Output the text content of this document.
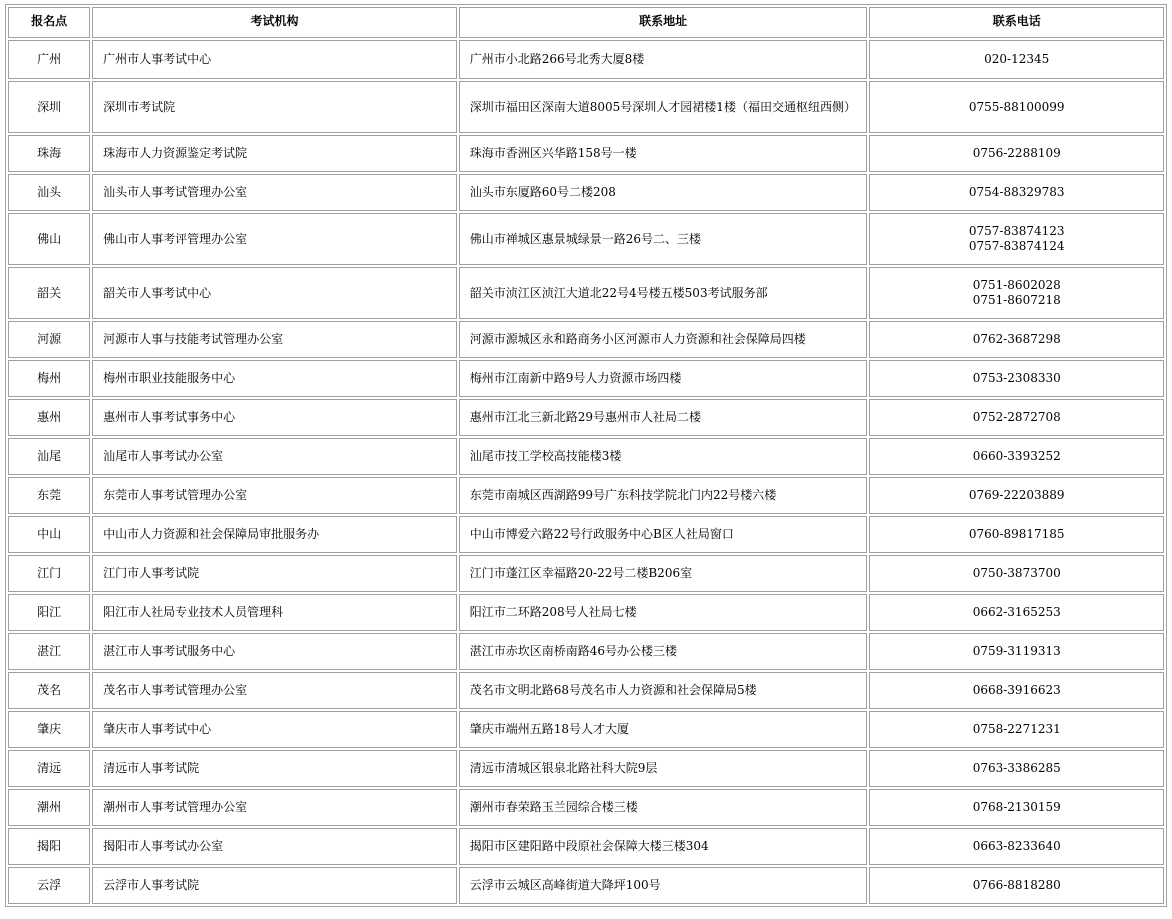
报名点	考试机构	联系地址	联系电话
广州	广州市人事考试中心	广州市小北路266号北秀大厦8楼	020-12345

深圳	深圳市考试院	深圳市福田区深南大道8005号深圳人才园裙楼1楼（福田交通枢纽西侧）	0755-88100099

珠海	珠海市人力资源鉴定考试院	珠海市香洲区兴华路158号一楼	0756-2288109

汕头	汕头市人事考试管理办公室	汕头市东厦路60号二楼208	0754-88329783

佛山	佛山市人事考评管理办公室	佛山市禅城区惠景城绿景一路26号二、三楼	0757-83874123
0757-83874124

韶关	韶关市人事考试中心	韶关市浈江区浈江大道北22号4号楼五楼503考试服务部	0751-8602028
0751-8607218

河源	河源市人事与技能考试管理办公室	河源市源城区永和路商务小区河源市人力资源和社会保障局四楼	0762-3687298

梅州	梅州市职业技能服务中心	梅州市江南新中路9号人力资源市场四楼	0753-2308330

惠州	惠州市人事考试事务中心	惠州市江北三新北路29号惠州市人社局二楼	0752-2872708

汕尾	汕尾市人事考试办公室	汕尾市技工学校高技能楼3楼	0660-3393252

东莞	东莞市人事考试管理办公室	东莞市南城区西湖路99号广东科技学院北门内22号楼六楼	0769-22203889

中山	中山市人力资源和社会保障局审批服务办	中山市博爱六路22号行政服务中心B区人社局窗口	0760-89817185

江门	江门市人事考试院	江门市蓬江区幸福路20-22号二楼B206室	0750-3873700

阳江	阳江市人社局专业技术人员管理科	阳江市二环路208号人社局七楼	0662-3165253

湛江	湛江市人事考试服务中心	湛江市赤坎区南桥南路46号办公楼三楼	0759-3119313

茂名	茂名市人事考试管理办公室	茂名市文明北路68号茂名市人力资源和社会保障局5楼	0668-3916623

肇庆	肇庆市人事考试中心	肇庆市端州五路18号人才大厦	0758-2271231

清远	清远市人事考试院	清远市清城区银泉北路社科大院9层	0763-3386285

潮州	潮州市人事考试管理办公室	潮州市春荣路玉兰园综合楼三楼	0768-2130159

揭阳	揭阳市人事考试办公室	揭阳市区建阳路中段原社会保障大楼三楼304	0663-8233640

云浮	云浮市人事考试院	云浮市云城区高峰街道大降坪100号	0766-8818280
